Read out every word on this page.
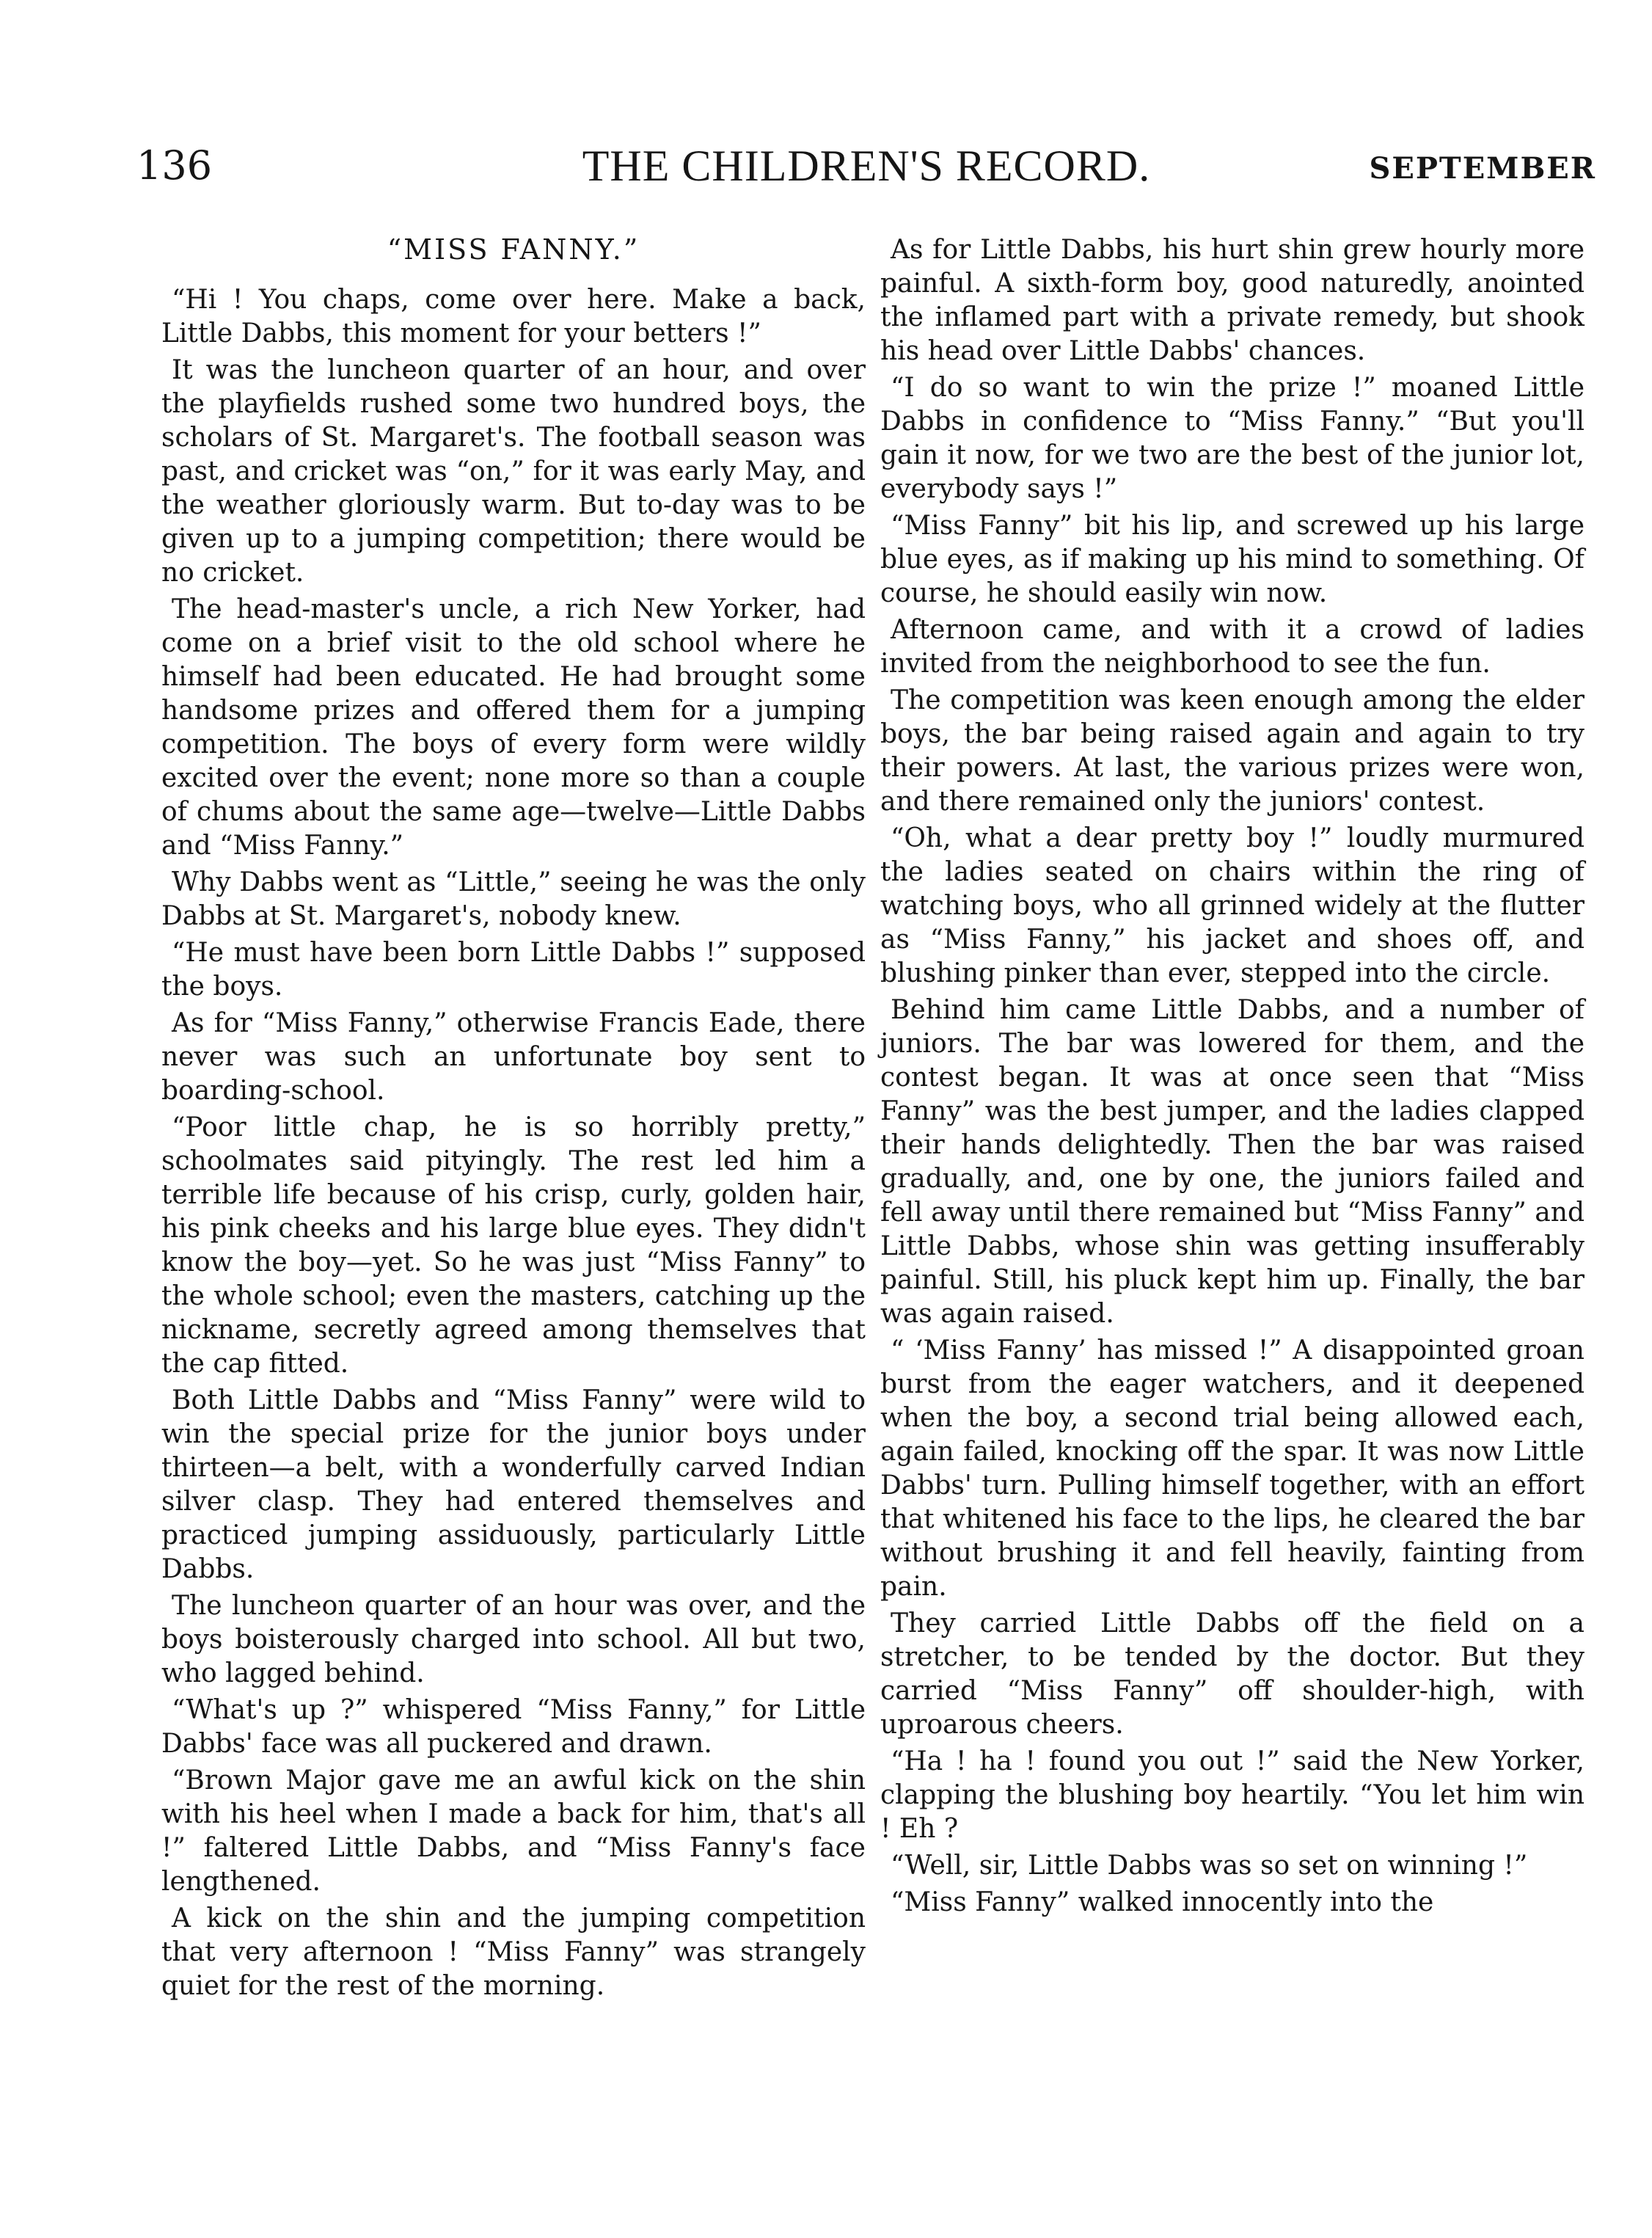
136	THE CHILDREN'S RECORD.	SEPTEMBER
“MISS FANNY.”

“Hi ! You chaps, come over here. Make a back, Little Dabbs, this moment for your betters !”

It was the luncheon quarter of an hour, and over the playfields rushed some two hundred boys, the scholars of St. Margaret's. The football season was past, and cricket was “on,” for it was early May, and the weather gloriously warm. But to-day was to be given up to a jumping competition; there would be no cricket.

The head-master's uncle, a rich New Yorker, had come on a brief visit to the old school where he himself had been educated. He had brought some handsome prizes and offered them for a jumping competition. The boys of every form were wildly excited over the event; none more so than a couple of chums about the same age—twelve—Little Dabbs and “Miss Fanny.”

Why Dabbs went as “Little,” seeing he was the only Dabbs at St. Margaret's, nobody knew.

“He must have been born Little Dabbs !” supposed the boys.

As for “Miss Fanny,” otherwise Francis Eade, there never was such an unfortunate boy sent to boarding-school.

“Poor little chap, he is so horribly pretty,” schoolmates said pityingly. The rest led him a terrible life because of his crisp, curly, golden hair, his pink cheeks and his large blue eyes. They didn't know the boy—yet. So he was just “Miss Fanny” to the whole school; even the masters, catching up the nickname, secretly agreed among themselves that the cap fitted.

Both Little Dabbs and “Miss Fanny” were wild to win the special prize for the junior boys under thirteen—a belt, with a wonderfully carved Indian silver clasp. They had entered themselves and practiced jumping assiduously, particularly Little Dabbs.

The luncheon quarter of an hour was over, and the boys boisterously charged into school. All but two, who lagged behind.

“What's up ?” whispered “Miss Fanny,” for Little Dabbs' face was all puckered and drawn.

“Brown Major gave me an awful kick on the shin with his heel when I made a back for him, that's all !” faltered Little Dabbs, and “Miss Fanny's face lengthened.

A kick on the shin and the jumping competition that very afternoon ! “Miss Fanny” was strangely quiet for the rest of the morning.

As for Little Dabbs, his hurt shin grew hourly more painful. A sixth-form boy, good naturedly, anointed the inflamed part with a private remedy, but shook his head over Little Dabbs' chances.

“I do so want to win the prize !” moaned Little Dabbs in confidence to “Miss Fanny.” “But you'll gain it now, for we two are the best of the junior lot, everybody says !”

“Miss Fanny” bit his lip, and screwed up his large blue eyes, as if making up his mind to something. Of course, he should easily win now.

Afternoon came, and with it a crowd of ladies invited from the neighborhood to see the fun.

The competition was keen enough among the elder boys, the bar being raised again and again to try their powers. At last, the various prizes were won, and there remained only the juniors' contest.

“Oh, what a dear pretty boy !” loudly murmured the ladies seated on chairs within the ring of watching boys, who all grinned widely at the flutter as “Miss Fanny,” his jacket and shoes off, and blushing pinker than ever, stepped into the circle.

Behind him came Little Dabbs, and a number of juniors. The bar was lowered for them, and the contest began. It was at once seen that “Miss Fanny” was the best jumper, and the ladies clapped their hands delightedly. Then the bar was raised gradually, and, one by one, the juniors failed and fell away until there remained but “Miss Fanny” and Little Dabbs, whose shin was getting insufferably painful. Still, his pluck kept him up. Finally, the bar was again raised.

“ ‘Miss Fanny’ has missed !” A disappointed groan burst from the eager watchers, and it deepened when the boy, a second trial being allowed each, again failed, knocking off the spar. It was now Little Dabbs' turn. Pulling himself together, with an effort that whitened his face to the lips, he cleared the bar without brushing it and fell heavily, fainting from pain.

They carried Little Dabbs off the field on a stretcher, to be tended by the doctor. But they carried “Miss Fanny” off shoulder-high, with uproarous cheers.

“Ha ! ha ! found you out !” said the New Yorker, clapping the blushing boy heartily. “You let him win ! Eh ?

“Well, sir, Little Dabbs was so set on winning !”

“Miss Fanny” walked innocently into the
